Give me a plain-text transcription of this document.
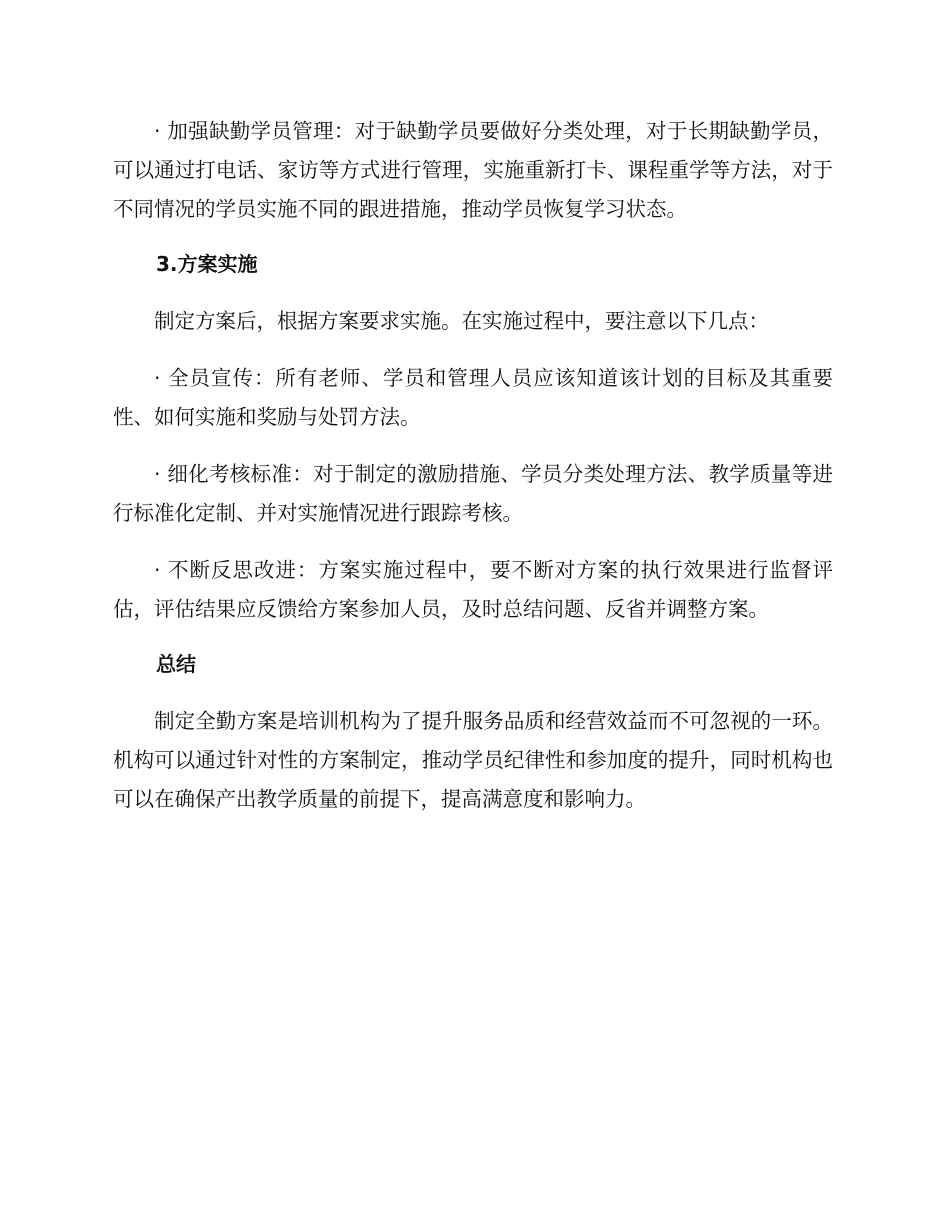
· 加强缺勤学员管理：对于缺勤学员要做好分类处理，对于长期缺勤学员，可以通过打电话、家访等方式进行管理，实施重新打卡、课程重学等方法，对于不同情况的学员实施不同的跟进措施，推动学员恢复学习状态。

3.方案实施

制定方案后，根据方案要求实施。在实施过程中，要注意以下几点：

· 全员宣传：所有老师、学员和管理人员应该知道该计划的目标及其重要性、如何实施和奖励与处罚方法。

· 细化考核标准：对于制定的激励措施、学员分类处理方法、教学质量等进行标准化定制、并对实施情况进行跟踪考核。

· 不断反思改进：方案实施过程中，要不断对方案的执行效果进行监督评估，评估结果应反馈给方案参加人员，及时总结问题、反省并调整方案。

总结

制定全勤方案是培训机构为了提升服务品质和经营效益而不可忽视的一环。机构可以通过针对性的方案制定，推动学员纪律性和参加度的提升，同时机构也可以在确保产出教学质量的前提下，提高满意度和影响力。
